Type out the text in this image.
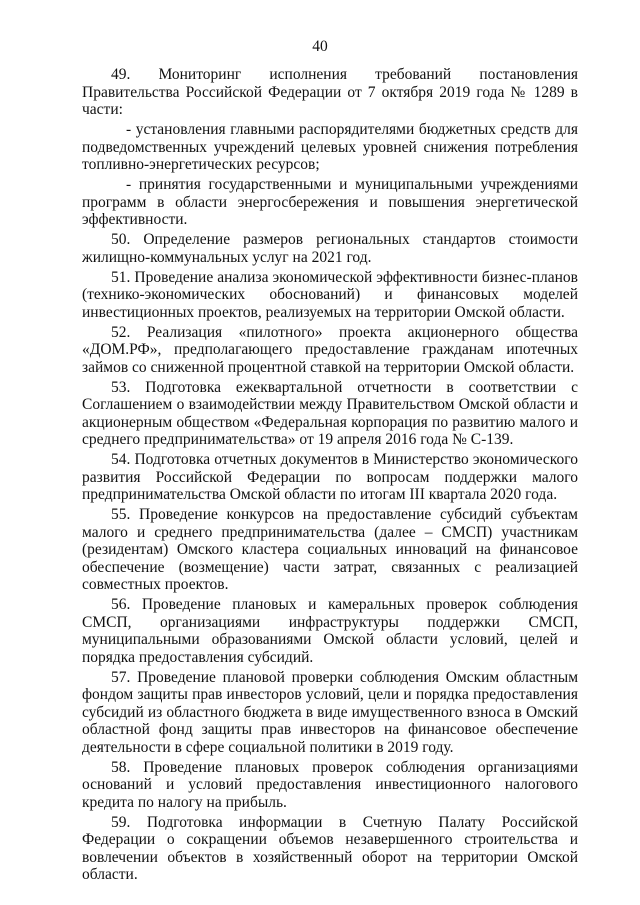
40

49. Мониторинг исполнения требований постановления Правительства Российской Федерации от 7 октября 2019 года № 1289 в части:

- установления главными распорядителями бюджетных средств для подведомственных учреждений целевых уровней снижения потребления топливно-энергетических ресурсов;

- принятия государственными и муниципальными учреждениями программ в области энергосбережения и повышения энергетической эффективности.

50. Определение размеров региональных стандартов стоимости жилищно-коммунальных услуг на 2021 год.

51. Проведение анализа экономической эффективности бизнес-планов (технико-экономических обоснований) и финансовых моделей инвестиционных проектов, реализуемых на территории Омской области.

52. Реализация «пилотного» проекта акционерного общества «ДОМ.РФ», предполагающего предоставление гражданам ипотечных займов со сниженной процентной ставкой на территории Омской области.

53. Подготовка ежеквартальной отчетности в соответствии с Соглашением о взаимодействии между Правительством Омской области и акционерным обществом «Федеральная корпорация по развитию малого и среднего предпринимательства» от 19 апреля 2016 года № С-139.

54. Подготовка отчетных документов в Министерство экономического развития Российской Федерации по вопросам поддержки малого предпринимательства Омской области по итогам III квартала 2020 года.

55. Проведение конкурсов на предоставление субсидий субъектам малого и среднего предпринимательства (далее – СМСП) участникам (резидентам) Омского кластера социальных инноваций на финансовое обеспечение (возмещение) части затрат, связанных с реализацией совместных проектов.

56. Проведение плановых и камеральных проверок соблюдения СМСП, организациями инфраструктуры поддержки СМСП, муниципальными образованиями Омской области условий, целей и порядка предоставления субсидий.

57. Проведение плановой проверки соблюдения Омским областным фондом защиты прав инвесторов условий, цели и порядка предоставления субсидий из областного бюджета в виде имущественного взноса в Омский областной фонд защиты прав инвесторов на финансовое обеспечение деятельности в сфере социальной политики в 2019 году.

58. Проведение плановых проверок соблюдения организациями оснований и условий предоставления инвестиционного налогового кредита по налогу на прибыль.

59. Подготовка информации в Счетную Палату Российской Федерации о сокращении объемов незавершенного строительства и вовлечении объектов в хозяйственный оборот на территории Омской области.
